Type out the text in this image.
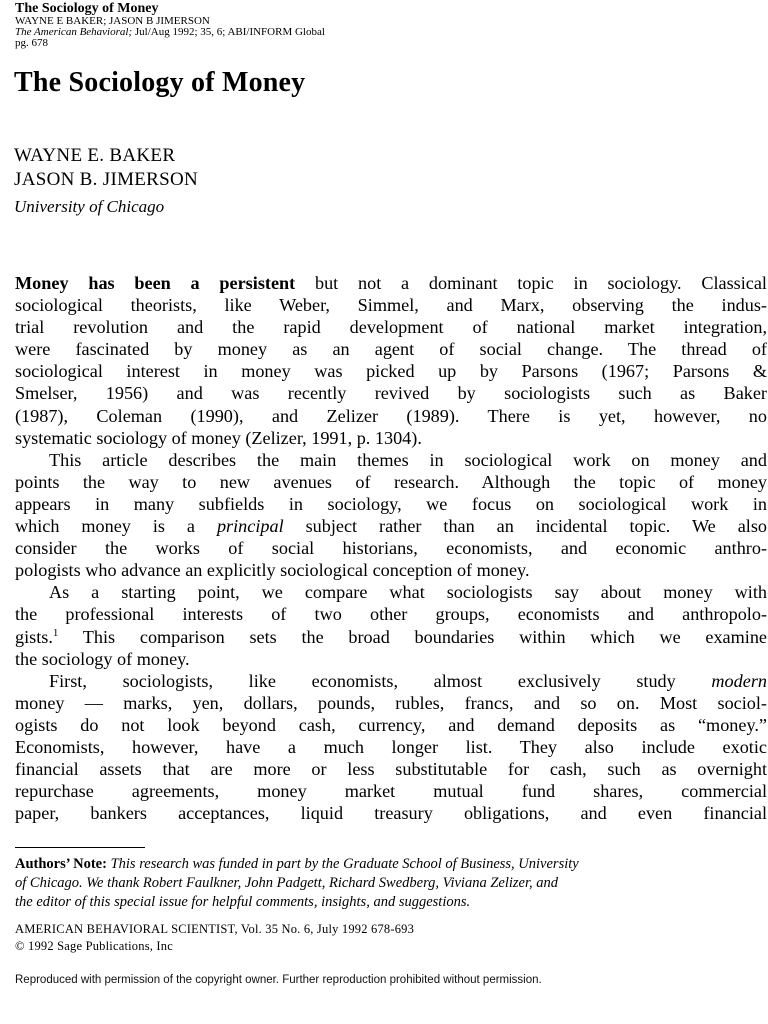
The Sociology of Money
WAYNE E BAKER; JASON B JIMERSON
The American Behavioral; Jul/Aug 1992; 35, 6; ABI/INFORM Global
pg. 678
The Sociology of Money
WAYNE E. BAKER
JASON B. JIMERSON
University of Chicago
Money has been a persistent but not a dominant topic in sociology. Classical
sociological theorists, like Weber, Simmel, and Marx, observing the indus-
trial revolution and the rapid development of national market integration,
were fascinated by money as an agent of social change. The thread of
sociological interest in money was picked up by Parsons (1967; Parsons &
Smelser, 1956) and was recently revived by sociologists such as Baker
(1987), Coleman (1990), and Zelizer (1989). There is yet, however, no
systematic sociology of money (Zelizer, 1991, p. 1304).
This article describes the main themes in sociological work on money and
points the way to new avenues of research. Although the topic of money
appears in many subfields in sociology, we focus on sociological work in
which money is a principal subject rather than an incidental topic. We also
consider the works of social historians, economists, and economic anthro-
pologists who advance an explicitly sociological conception of money.
As a starting point, we compare what sociologists say about money with
the professional interests of two other groups, economists and anthropolo-
gists.$^1$ This comparison sets the broad boundaries within which we examine
the sociology of money.
First, sociologists, like economists, almost exclusively study modern
money — marks, yen, dollars, pounds, rubles, francs, and so on. Most sociol-
ogists do not look beyond cash, currency, and demand deposits as “money.”
Economists, however, have a much longer list. They also include exotic
financial assets that are more or less substitutable for cash, such as overnight
repurchase agreements, money market mutual fund shares, commercial
paper, bankers acceptances, liquid treasury obligations, and even financial
Authors’ Note: This research was funded in part by the Graduate School of Business, University
of Chicago. We thank Robert Faulkner, John Padgett, Richard Swedberg, Viviana Zelizer, and
the editor of this special issue for helpful comments, insights, and suggestions.
AMERICAN BEHAVIORAL SCIENTIST, Vol. 35 No. 6, July 1992 678-693
© 1992 Sage Publications, Inc
Reproduced with permission of the copyright owner. Further reproduction prohibited without permission.
